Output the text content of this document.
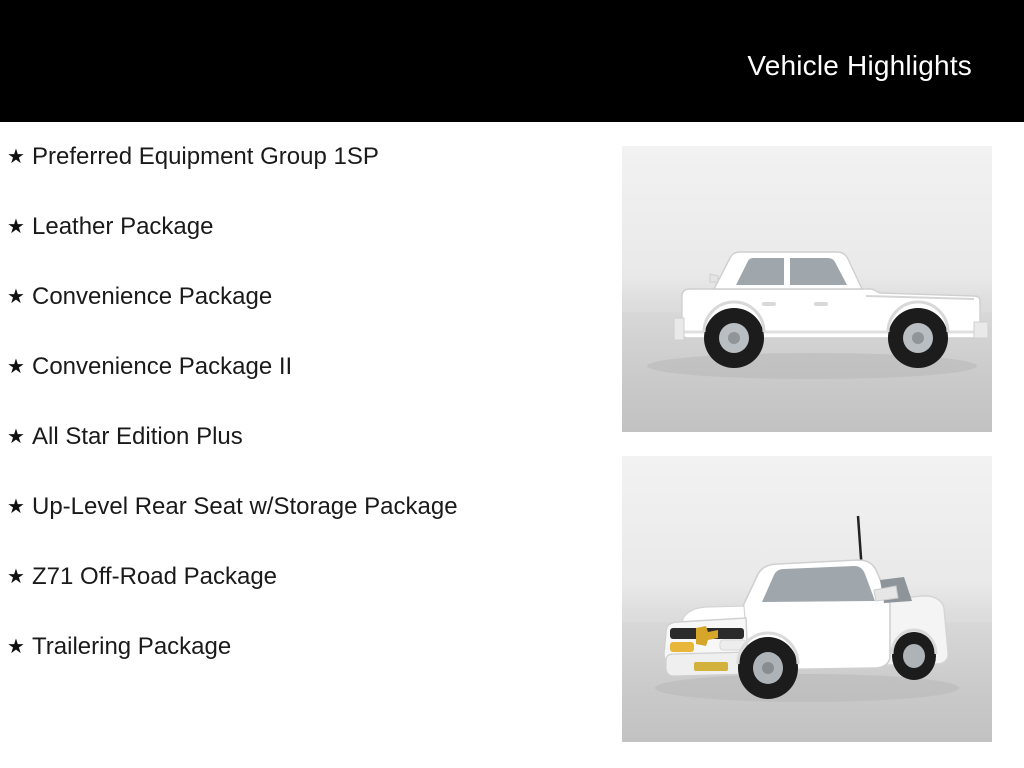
Vehicle Highlights
★ Preferred Equipment Group 1SP
★ Leather Package
★ Convenience Package
★ Convenience Package II
★ All Star Edition Plus
★ Up-Level Rear Seat w/Storage Package
★ Z71 Off-Road Package
★ Trailering Package
